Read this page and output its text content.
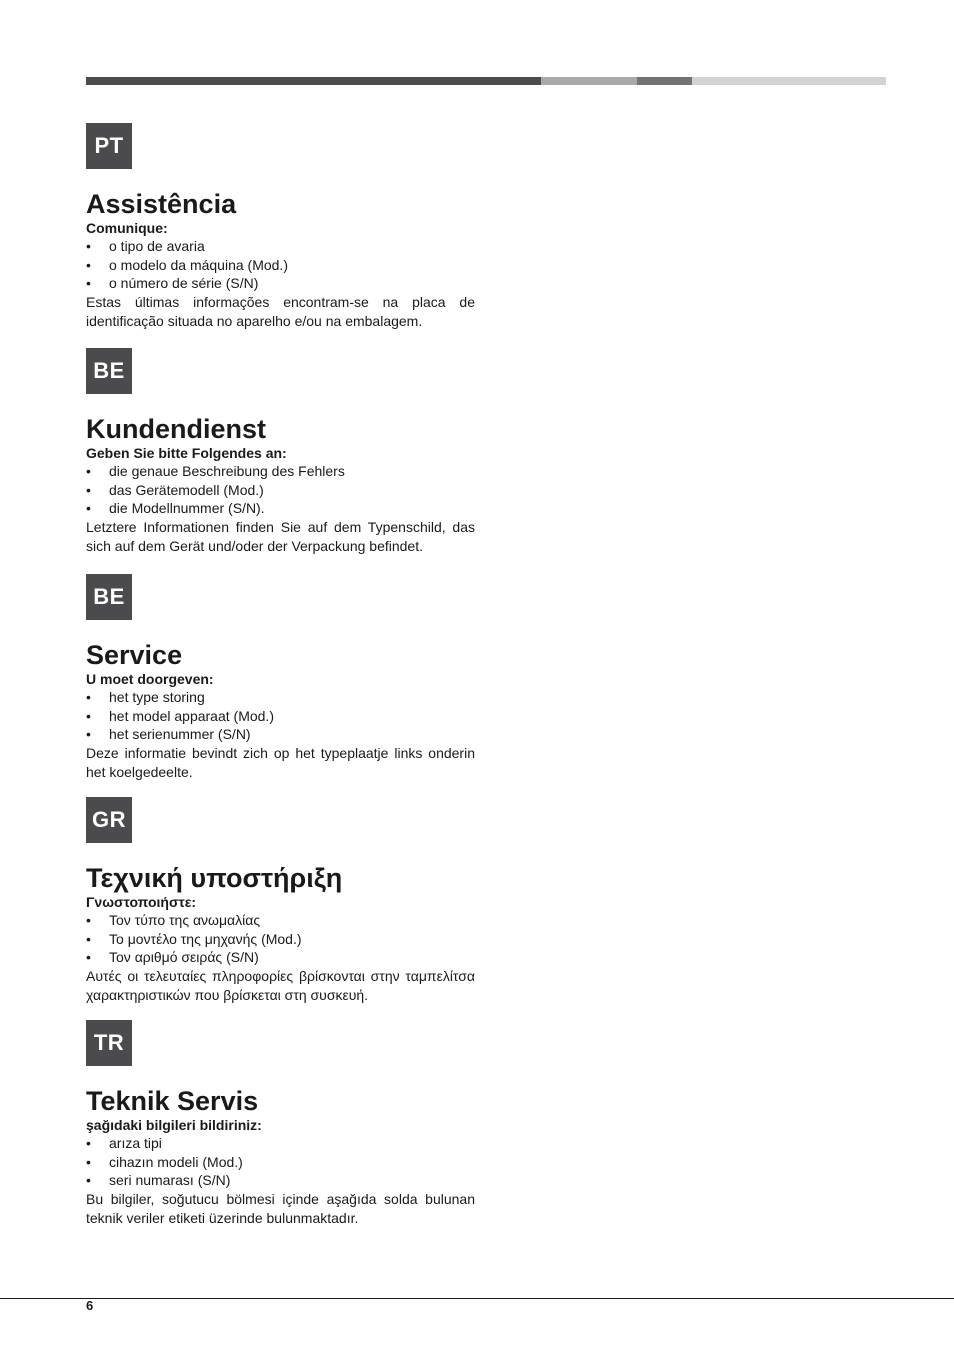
PT
Assistência

Comunique:

• o tipo de avaria
• o modelo da máquina (Mod.)
• o número de série (S/N)

Estas últimas informações encontram-se na placa de identificação situada no aparelho e/ou na embalagem.

BE
Kundendienst

Geben Sie bitte Folgendes an:

• die genaue Beschreibung des Fehlers
• das Gerätemodell (Mod.)
• die Modellnummer (S/N).

Letztere Informationen finden Sie auf dem Typenschild, das sich auf dem Gerät und/oder der Verpackung befindet.

BE
Service

U moet doorgeven:

• het type storing
• het model apparaat (Mod.)
• het serienummer (S/N)

Deze informatie bevindt zich op het typeplaatje links onderin het koelgedeelte.

GR
Τεχνική υποστήριξη

Γνωστοποιήστε:

• Τον τύπο της ανωμαλίας
• Το μοντέλο της μηχανής (Mod.)
• Τον αριθμό σειράς (S/N)

Αυτές οι τελευταίες πληροφορίες βρίσκονται στην ταμπελίτσα χαρακτηριστικών που βρίσκεται στη συσκευή.

TR
Teknik Servis

şağıdaki bilgileri bildiriniz:

• arıza tipi
• cihazın modeli (Mod.)
• seri numarası (S/N)

Bu bilgiler, soğutucu bölmesi içinde aşağıda solda bulunan teknik veriler etiketi üzerinde bulunmaktadır.

6
